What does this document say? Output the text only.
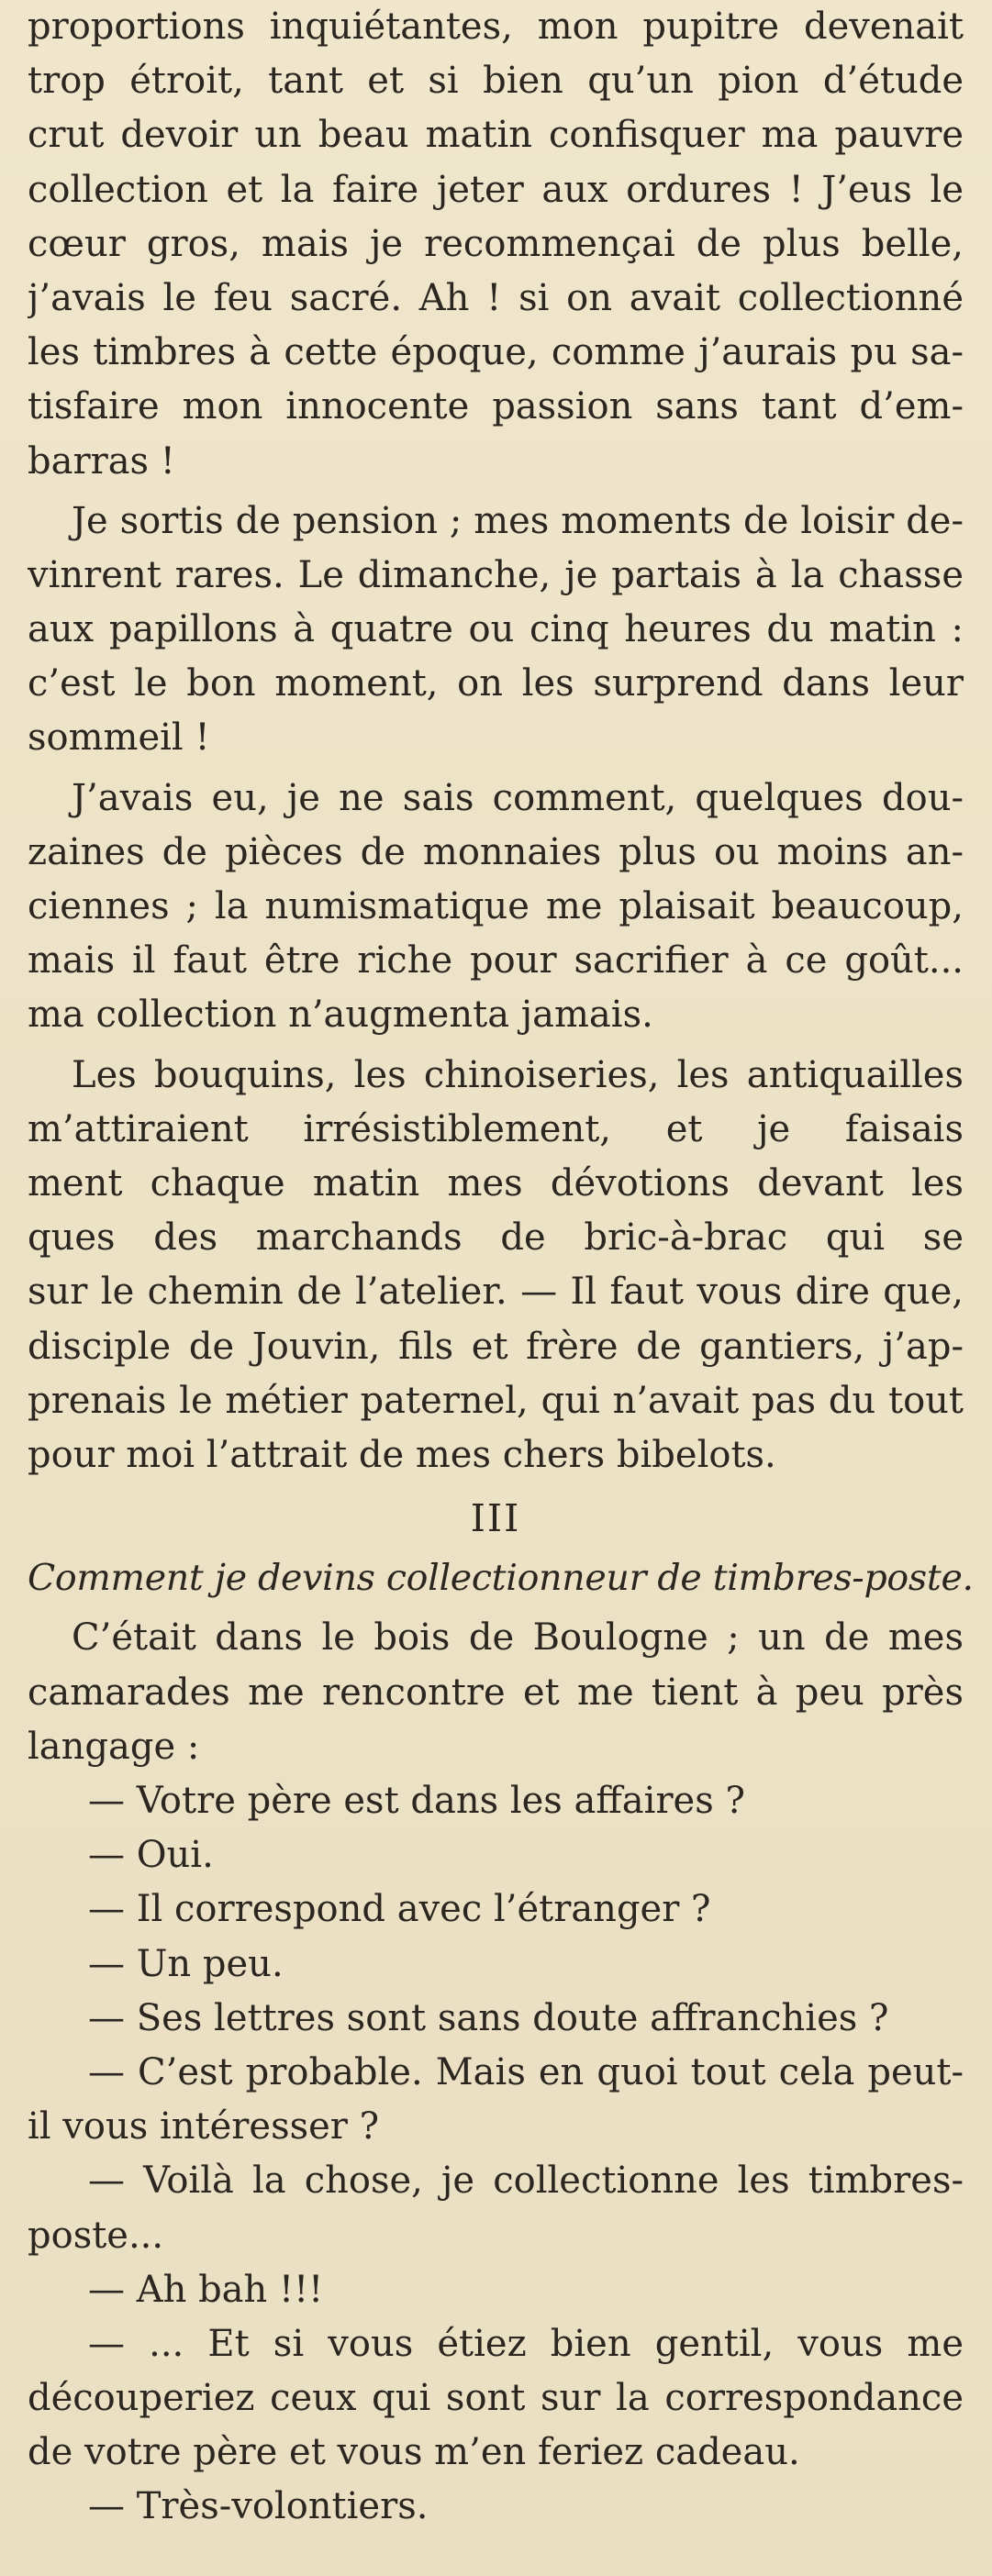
proportions inquiétantes, mon pupitre devenait
trop étroit, tant et si bien qu’un pion d’étude
crut devoir un beau matin confisquer ma pauvre
collection et la faire jeter aux ordures ! J’eus le
cœur gros, mais je recommençai de plus belle,
j’avais le feu sacré. Ah ! si on avait collectionné
les timbres à cette époque, comme j’aurais pu sa-
tisfaire mon innocente passion sans tant d’em-
barras !
Je sortis de pension ; mes moments de loisir de-
vinrent rares. Le dimanche, je partais à la chasse
aux papillons à quatre ou cinq heures du matin :
c’est le bon moment, on les surprend dans leur
sommeil !
J’avais eu, je ne sais comment, quelques dou-
zaines de pièces de monnaies plus ou moins an-
ciennes ; la numismatique me plaisait beaucoup,
mais il faut être riche pour sacrifier à ce goût...
ma collection n’augmenta jamais.
Les bouquins, les chinoiseries, les antiquailles
m’attiraient irrésistiblement, et je faisais
ment chaque matin mes dévotions devant les
ques des marchands de bric-à-brac qui se
sur le chemin de l’atelier. — Il faut vous dire que,
disciple de Jouvin, fils et frère de gantiers, j’ap-
prenais le métier paternel, qui n’avait pas du tout
pour moi l’attrait de mes chers bibelots.
III
Comment je devins collectionneur de timbres-poste.
C’était dans le bois de Boulogne ; un de mes
camarades me rencontre et me tient à peu près
langage :
— Votre père est dans les affaires ?
— Oui.
— Il correspond avec l’étranger ?
— Un peu.
— Ses lettres sont sans doute affranchies ?
— C’est probable. Mais en quoi tout cela peut-
il vous intéresser ?
— Voilà la chose, je collectionne les timbres-
poste...
— Ah bah !!!
— ... Et si vous étiez bien gentil, vous me
découperiez ceux qui sont sur la correspondance
de votre père et vous m’en feriez cadeau.
— Très-volontiers.
